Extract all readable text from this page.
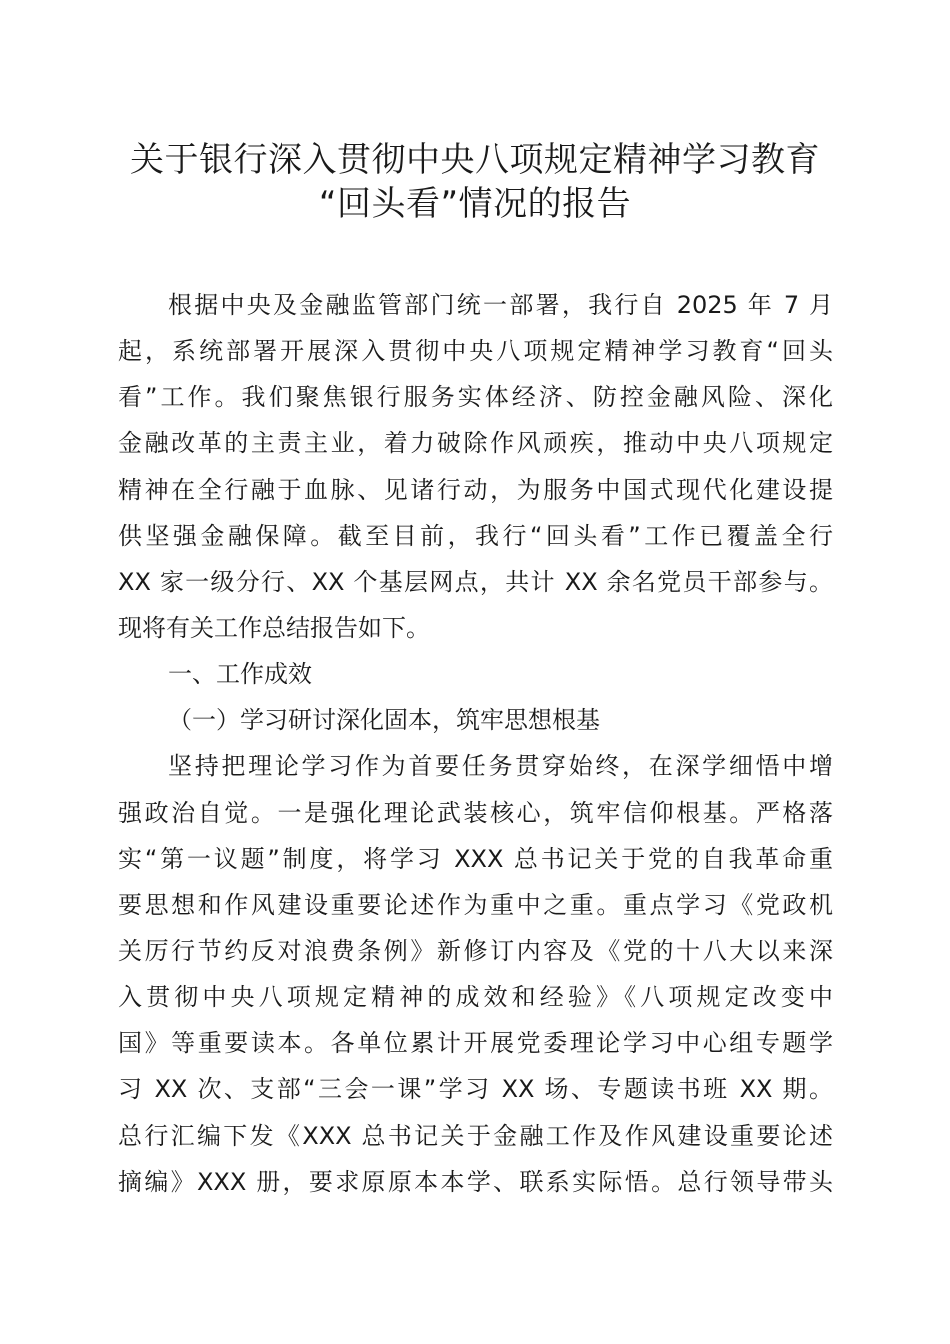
关于银行深入贯彻中央八项规定精神学习教育
“回头看”情况的报告
根据中央及金融监管部门统一部署，我行自 2025 年 7 月
起，系统部署开展深入贯彻中央八项规定精神学习教育“回头
看”工作。我们聚焦银行服务实体经济、防控金融风险、深化
金融改革的主责主业，着力破除作风顽疾，推动中央八项规定
精神在全行融于血脉、见诸行动，为服务中国式现代化建设提
供坚强金融保障。截至目前，我行“回头看”工作已覆盖全行
XX 家一级分行、XX 个基层网点，共计 XX 余名党员干部参与。
现将有关工作总结报告如下。
一、工作成效
（一）学习研讨深化固本，筑牢思想根基
坚持把理论学习作为首要任务贯穿始终，在深学细悟中增
强政治自觉。一是强化理论武装核心，筑牢信仰根基。严格落
实“第一议题”制度，将学习 XXX 总书记关于党的自我革命重
要思想和作风建设重要论述作为重中之重。重点学习《党政机
关厉行节约反对浪费条例》新修订内容及《党的十八大以来深
入贯彻中央八项规定精神的成效和经验》《八项规定改变中
国》等重要读本。各单位累计开展党委理论学习中心组专题学
习 XX 次、支部“三会一课”学习 XX 场、专题读书班 XX 期。
总行汇编下发《XXX 总书记关于金融工作及作风建设重要论述
摘编》XXX 册，要求原原本本学、联系实际悟。总行领导带头
